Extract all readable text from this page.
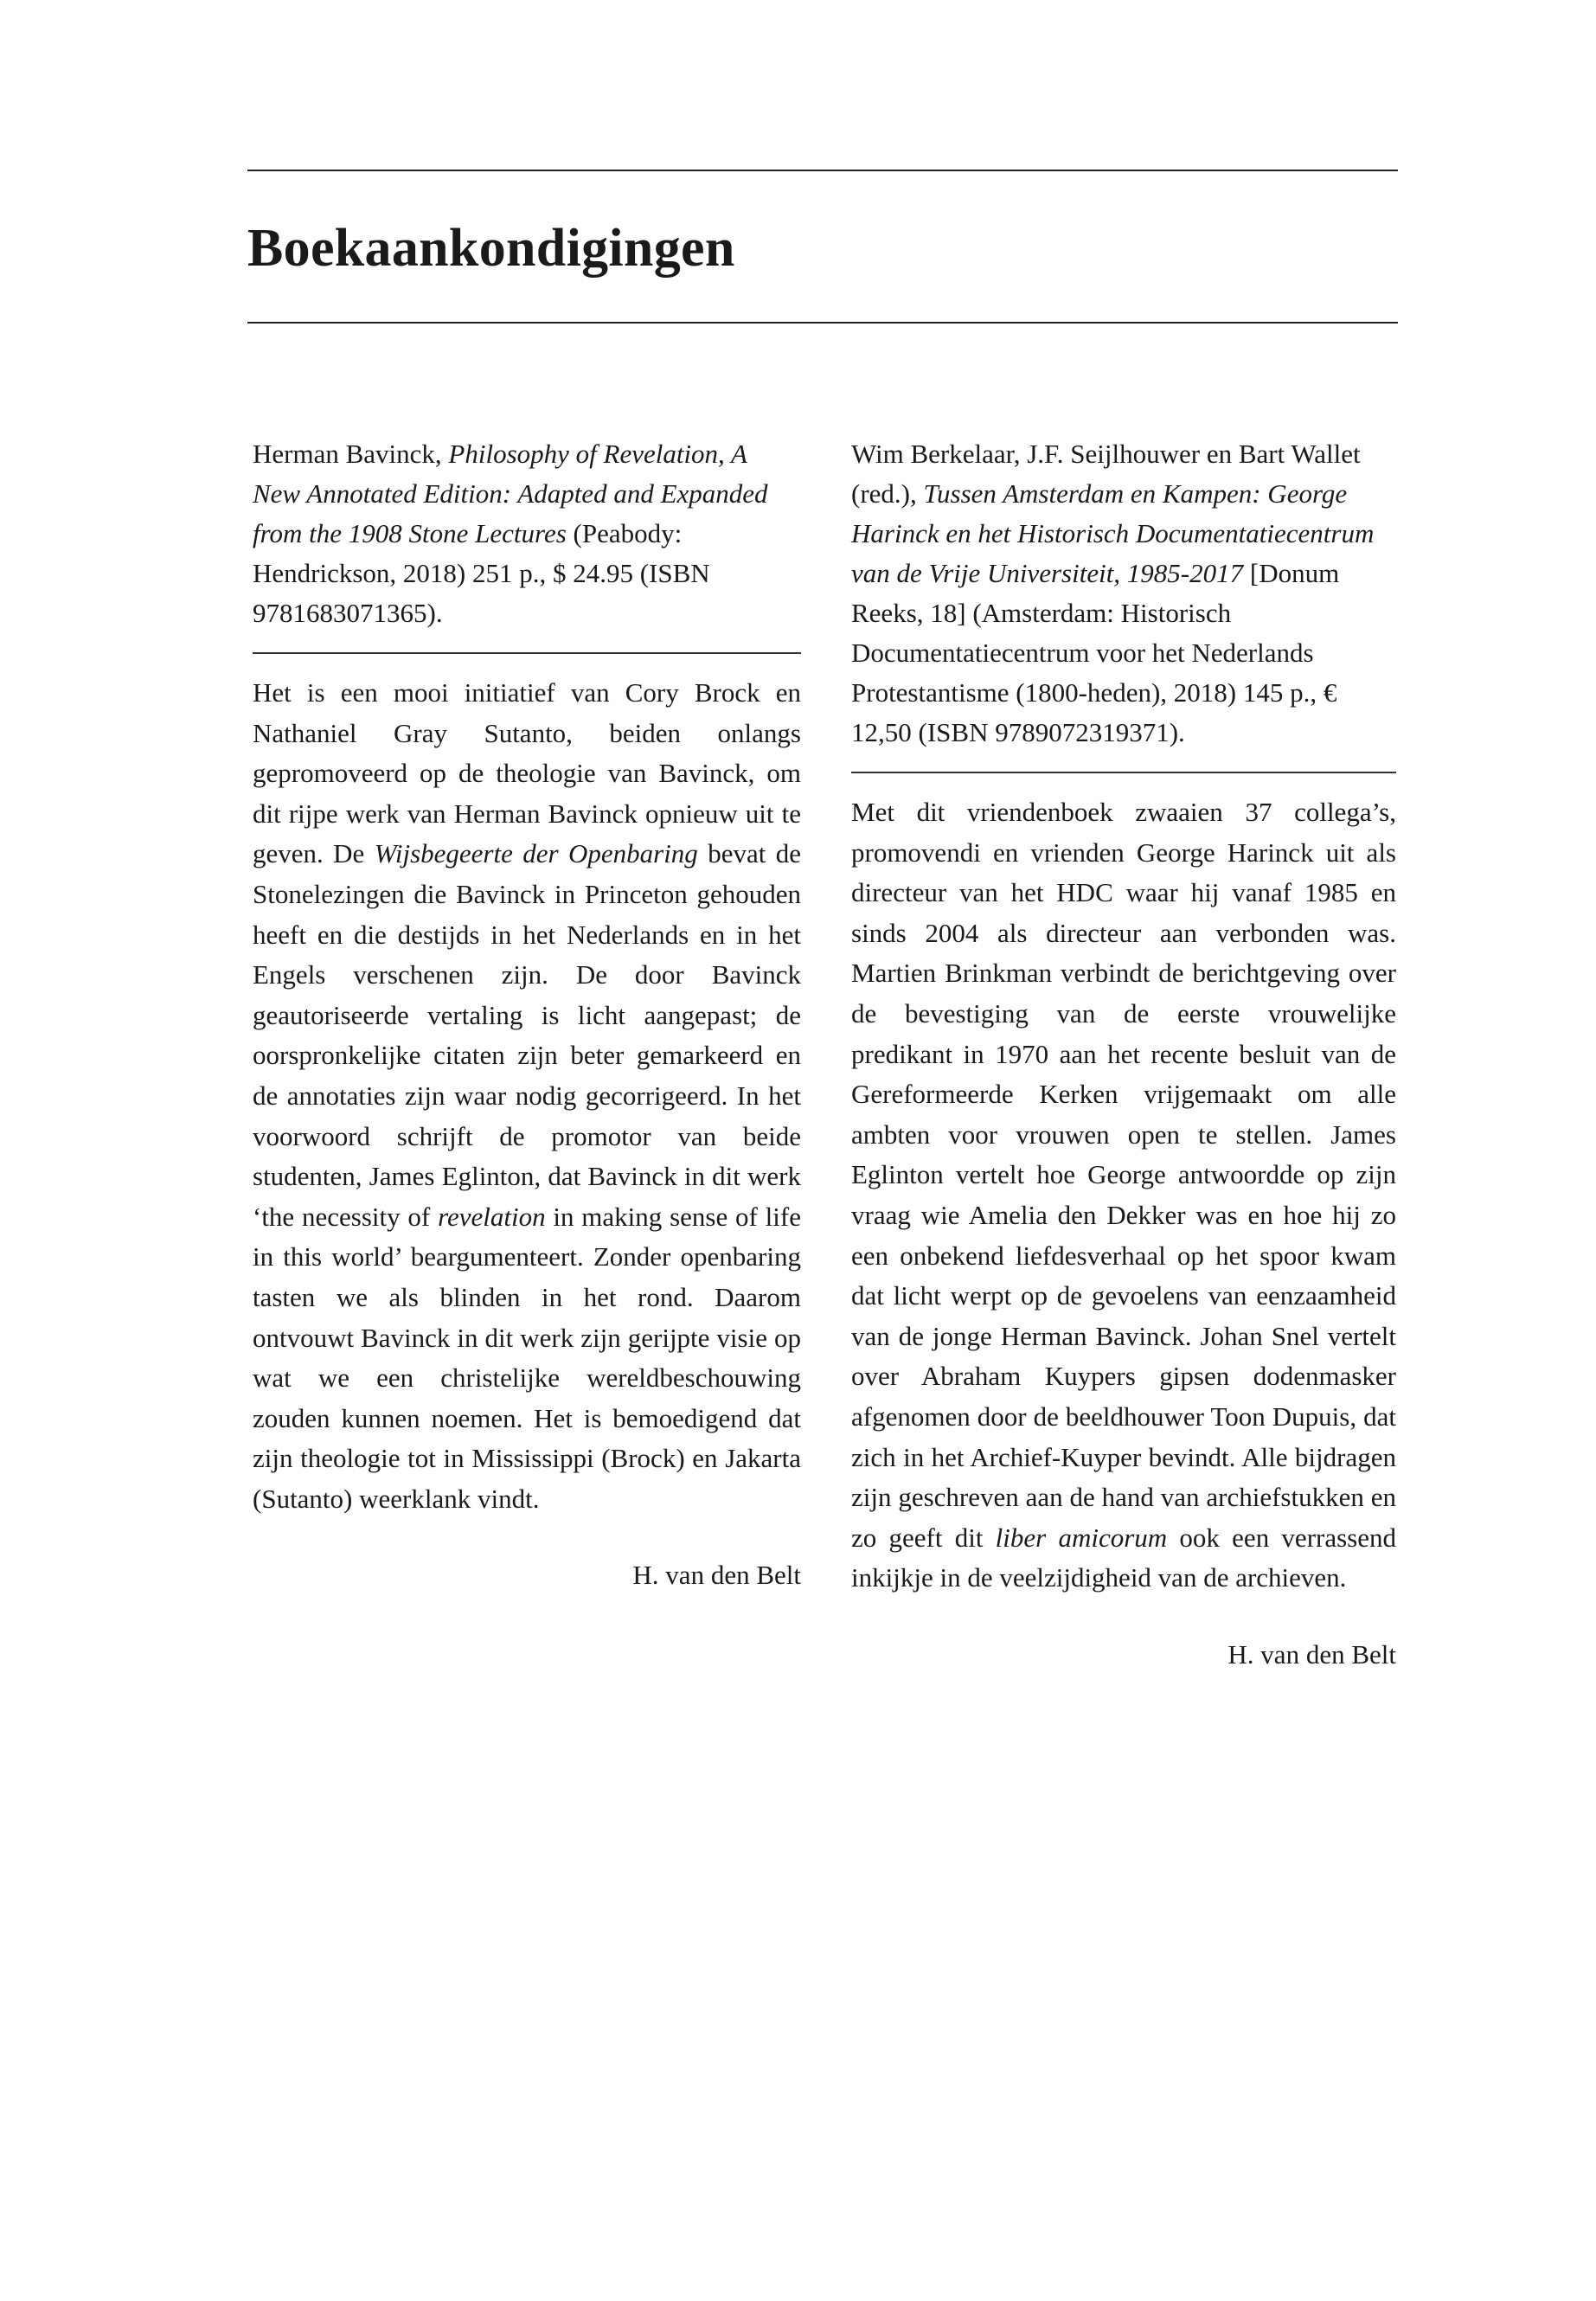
Boekaankondigingen

Herman Bavinck, Philosophy of Revelation, A New Annotated Edition: Adapted and Expanded from the 1908 Stone Lectures (Peabody: Hendrickson, 2018) 251 p., $ 24.95 (ISBN 9781683071365).

Het is een mooi initiatief van Cory Brock en Nathaniel Gray Sutanto, beiden onlangs gepromoveerd op de theologie van Bavinck, om dit rijpe werk van Herman Bavinck opnieuw uit te geven. De Wijsbegeerte der Openbaring bevat de Stonelezingen die Bavinck in Princeton gehouden heeft en die destijds in het Nederlands en in het Engels verschenen zijn. De door Bavinck geautoriseerde vertaling is licht aangepast; de oorspronkelijke citaten zijn beter gemarkeerd en de annotaties zijn waar nodig gecorrigeerd. In het voorwoord schrijft de promotor van beide studenten, James Eglinton, dat Bavinck in dit werk ‘the necessity of revelation in making sense of life in this world’ beargumenteert. Zonder openbaring tasten we als blinden in het rond. Daarom ontvouwt Bavinck in dit werk zijn gerijpte visie op wat we een christelijke wereldbeschouwing zouden kunnen noemen. Het is bemoedigend dat zijn theologie tot in Mississippi (Brock) en Jakarta (Sutanto) weerklank vindt.

H. van den Belt

Wim Berkelaar, J.F. Seijlhouwer en Bart Wallet (red.), Tussen Amsterdam en Kampen: George Harinck en het Historisch Documentatiecentrum van de Vrije Universiteit, 1985-2017 [Donum Reeks, 18] (Amsterdam: Historisch Documentatiecentrum voor het Nederlands Protestantisme (1800-heden), 2018) 145 p., € 12,50 (ISBN 9789072319371).

Met dit vriendenboek zwaaien 37 collega’s, promovendi en vrienden George Harinck uit als directeur van het HDC waar hij vanaf 1985 en sinds 2004 als directeur aan verbonden was. Martien Brinkman verbindt de berichtgeving over de bevestiging van de eerste vrouwelijke predikant in 1970 aan het recente besluit van de Gereformeerde Kerken vrijgemaakt om alle ambten voor vrouwen open te stellen. James Eglinton vertelt hoe George antwoordde op zijn vraag wie Amelia den Dekker was en hoe hij zo een onbekend liefdesverhaal op het spoor kwam dat licht werpt op de gevoelens van eenzaamheid van de jonge Herman Bavinck. Johan Snel vertelt over Abraham Kuypers gipsen dodenmasker afgenomen door de beeldhouwer Toon Dupuis, dat zich in het Archief-Kuyper bevindt. Alle bijdragen zijn geschreven aan de hand van archiefstukken en zo geeft dit liber amicorum ook een verrassend inkijkje in de veelzijdigheid van de archieven.

H. van den Belt
